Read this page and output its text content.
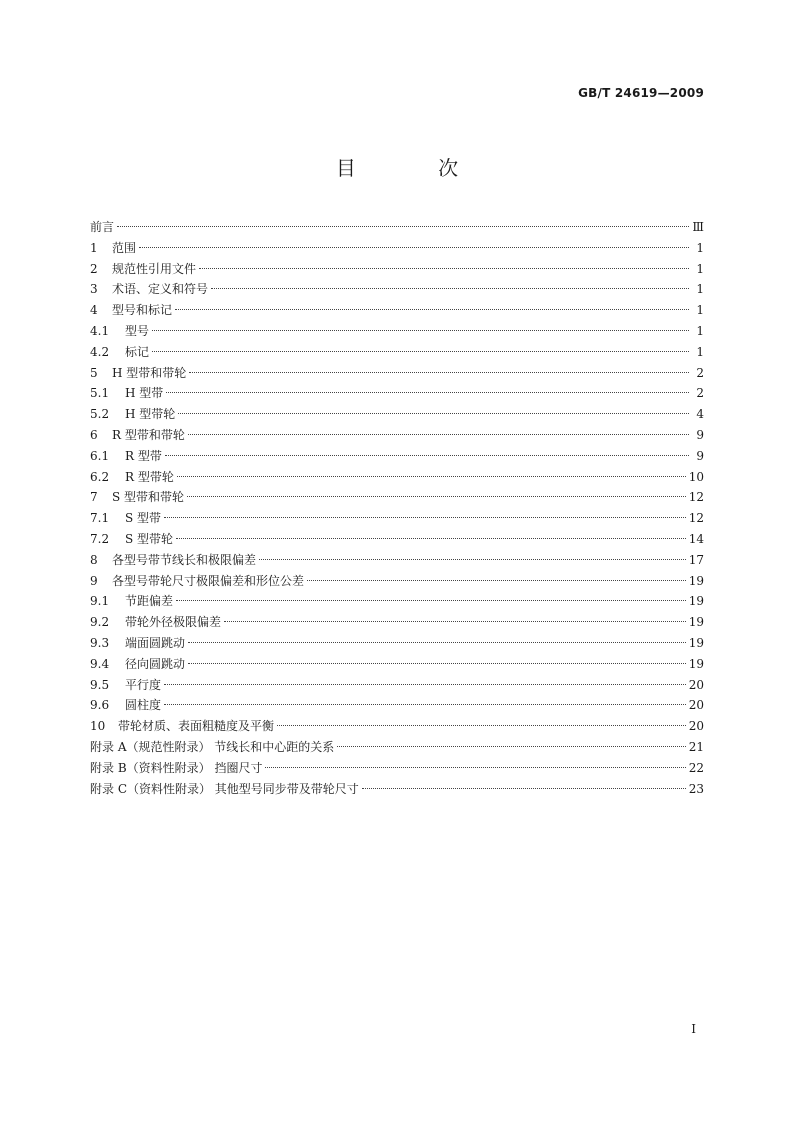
GB/T 24619—2009
目 次
前言	Ⅲ
1	范围	1
2	规范性引用文件	1
3	术语、定义和符号	1
4	型号和标记	1
4.1	型号	1
4.2	标记	1
5	H 型带和带轮	2
5.1	H 型带	2
5.2	H 型带轮	4
6	R 型带和带轮	9
6.1	R 型带	9
6.2	R 型带轮	10
7	S 型带和带轮	12
7.1	S 型带	12
7.2	S 型带轮	14
8	各型号带节线长和极限偏差	17
9	各型号带轮尺寸极限偏差和形位公差	19
9.1	节距偏差	19
9.2	带轮外径极限偏差	19
9.3	端面圆跳动	19
9.4	径向圆跳动	19
9.5	平行度	20
9.6	圆柱度	20
10	带轮材质、表面粗糙度及平衡	20
附录 A（规范性附录） 节线长和中心距的关系	21
附录 B（资料性附录） 挡圈尺寸	22
附录 C（资料性附录） 其他型号同步带及带轮尺寸	23
I
